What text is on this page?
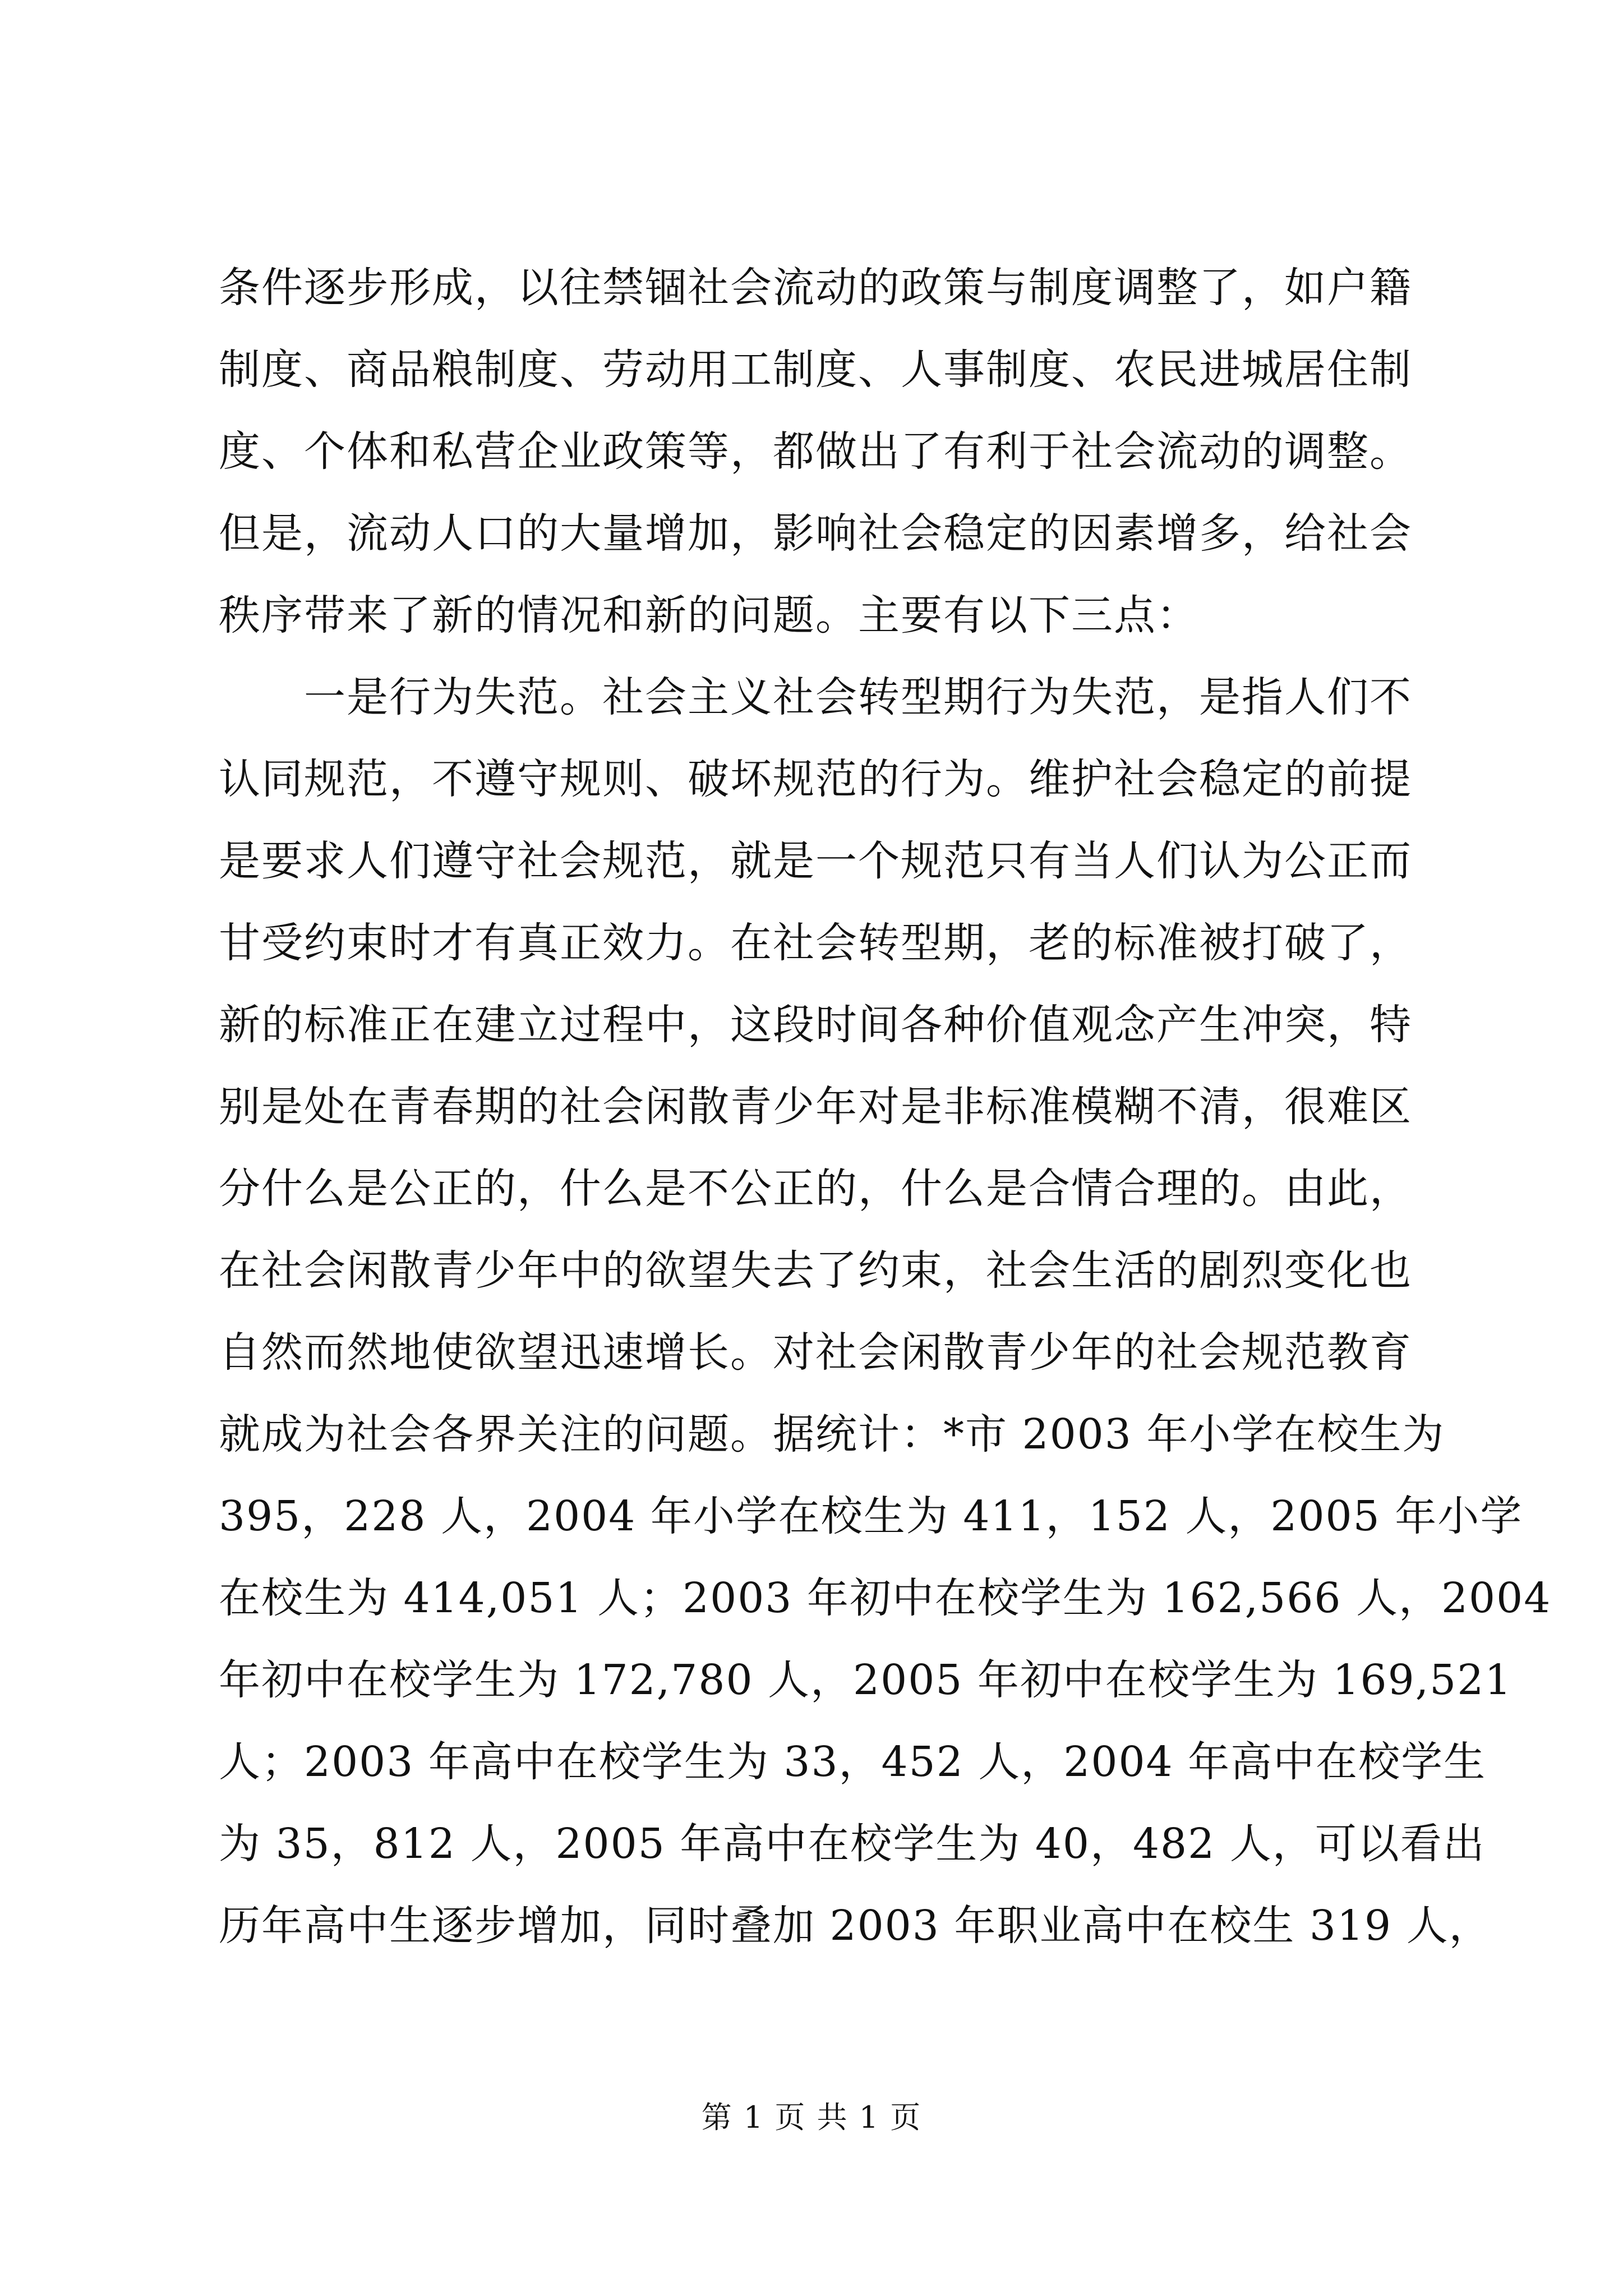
条件逐步形成，以往禁锢社会流动的政策与制度调整了，如户籍
制度、商品粮制度、劳动用工制度、人事制度、农民进城居住制
度、个体和私营企业政策等，都做出了有利于社会流动的调整。
但是，流动人口的大量增加，影响社会稳定的因素增多，给社会
秩序带来了新的情况和新的问题。主要有以下三点：
　　一是行为失范。社会主义社会转型期行为失范，是指人们不
认同规范，不遵守规则、破坏规范的行为。维护社会稳定的前提
是要求人们遵守社会规范，就是一个规范只有当人们认为公正而
甘受约束时才有真正效力。在社会转型期，老的标准被打破了，
新的标准正在建立过程中，这段时间各种价值观念产生冲突，特
别是处在青春期的社会闲散青少年对是非标准模糊不清，很难区
分什么是公正的，什么是不公正的，什么是合情合理的。由此，
在社会闲散青少年中的欲望失去了约束，社会生活的剧烈变化也
自然而然地使欲望迅速增长。对社会闲散青少年的社会规范教育
就成为社会各界关注的问题。据统计：*市 2003 年小学在校生为
395，228 人，2004 年小学在校生为 411，152 人，2005 年小学
在校生为 414,051 人；2003 年初中在校学生为 162,566 人，2004
年初中在校学生为 172,780 人，2005 年初中在校学生为 169,521
人；2003 年高中在校学生为 33，452 人，2004 年高中在校学生
为 35，812 人，2005 年高中在校学生为 40，482 人，可以看出
历年高中生逐步增加，同时叠加 2003 年职业高中在校生 319 人，
第 1 页 共 1 页
